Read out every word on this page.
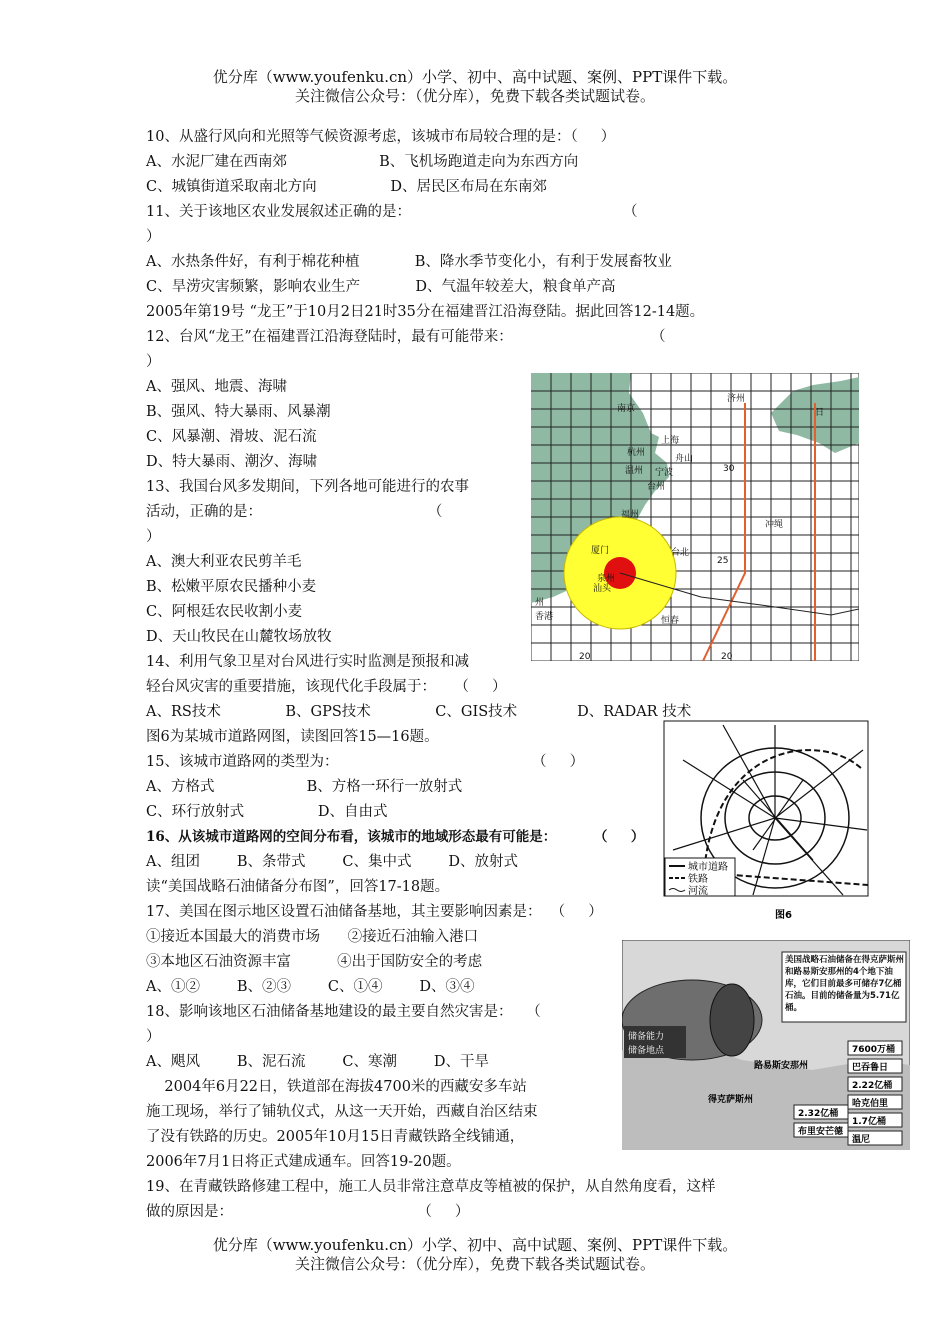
优分库（www.youfenku.cn）小学、初中、高中试题、案例、PPT课件下载。
关注微信公众号：（优分库），免费下载各类试题试卷。
10、从盛行风向和光照等气候资源考虑，该城市布局较合理的是：（     ）
A、水泥厂建在西南郊                    B、飞机场跑道走向为东西方向
C、城镇街道采取南北方向                D、居民区布局在东南郊
11、关于该地区农业发展叙述正确的是：                                              （
）
A、水热条件好，有利于棉花种植            B、降水季节变化小，有利于发展畜牧业
C、旱涝灾害频繁，影响农业生产            D、气温年较差大，粮食单产高
2005年第19号 “龙王”于10月2日21时35分在福建晋江沿海登陆。据此回答12-14题。
12、台风“龙王”在福建晋江沿海登陆时，最有可能带来：                              （
）
A、强风、地震、海啸
B、强风、特大暴雨、风暴潮
C、风暴潮、滑坡、泥石流
D、特大暴雨、潮汐、海啸
13、我国台风多发期间，下列各地可能进行的农事
活动，正确的是：                                    （
）
A、澳大利亚农民剪羊毛
B、松嫩平原农民播种小麦
C、阿根廷农民收割小麦
D、天山牧民在山麓牧场放牧
14、利用气象卫星对台风进行实时监测是预报和减
轻台风灾害的重要措施，该现代化手段属于：    （     ）
A、RS技术              B、GPS技术              C、GIS技术             D、RADAR 技术
图6为某城市道路网图，读图回答15—16题。
15、该城市道路网的类型为：                                          （     ）
A、方格式                    B、方格一环行一放射式
C、环行放射式                D、自由式
16、从该城市道路网的空间分布看，该城市的地域形态最有可能是：        （     ）
A、组团        B、条带式        C、集中式        D、放射式
读“美国战略石油储备分布图”，回答17-18题。
17、美国在图示地区设置石油储备基地，其主要影响因素是：  （     ）
①接近本国最大的消费市场      ②接近石油输入港口
③本地区石油资源丰富          ④出于国防安全的考虑
A、①②        B、②③        C、①④        D、③④
18、影响该地区石油储备基地建设的最主要自然灾害是：   （
）
A、飓风        B、泥石流        C、寒潮        D、干旱
2004年6月22日，铁道部在海拔4700米的西藏安多车站
施工现场，举行了铺轨仪式，从这一天开始，西藏自治区结束
了没有铁路的历史。2005年10月15日青藏铁路全线铺通，
2006年7月1日将正式建成通车。回答19-20题。
19、在青藏铁路修建工程中，施工人员非常注意草皮等植被的保护，从自然角度看，这样
做的原因是：                                        （     ）
优分库（www.youfenku.cn）小学、初中、高中试题、案例、PPT课件下载。
关注微信公众号：（优分库），免费下载各类试题试卷。
南京
上海
杭州
舟山
宁波
温州
台州
福州
厦门	台北
汕头
香港	恒春
泉州
济州
冲绳
日
州
30
25
20	20
城市道路
铁路
河流
图6
美国战略石油储备在得克萨斯州和路易斯安那州的4个地下油库，它们目前最多可储存7亿桶石油。目前的储备量为5.71亿桶。
储备能力
储备地点
路易斯安那州
得克萨斯州
7600万桶
巴吞鲁日
2.22亿桶
哈克伯里
2.32亿桶
1.7亿桶
布里安芒德
温尼
